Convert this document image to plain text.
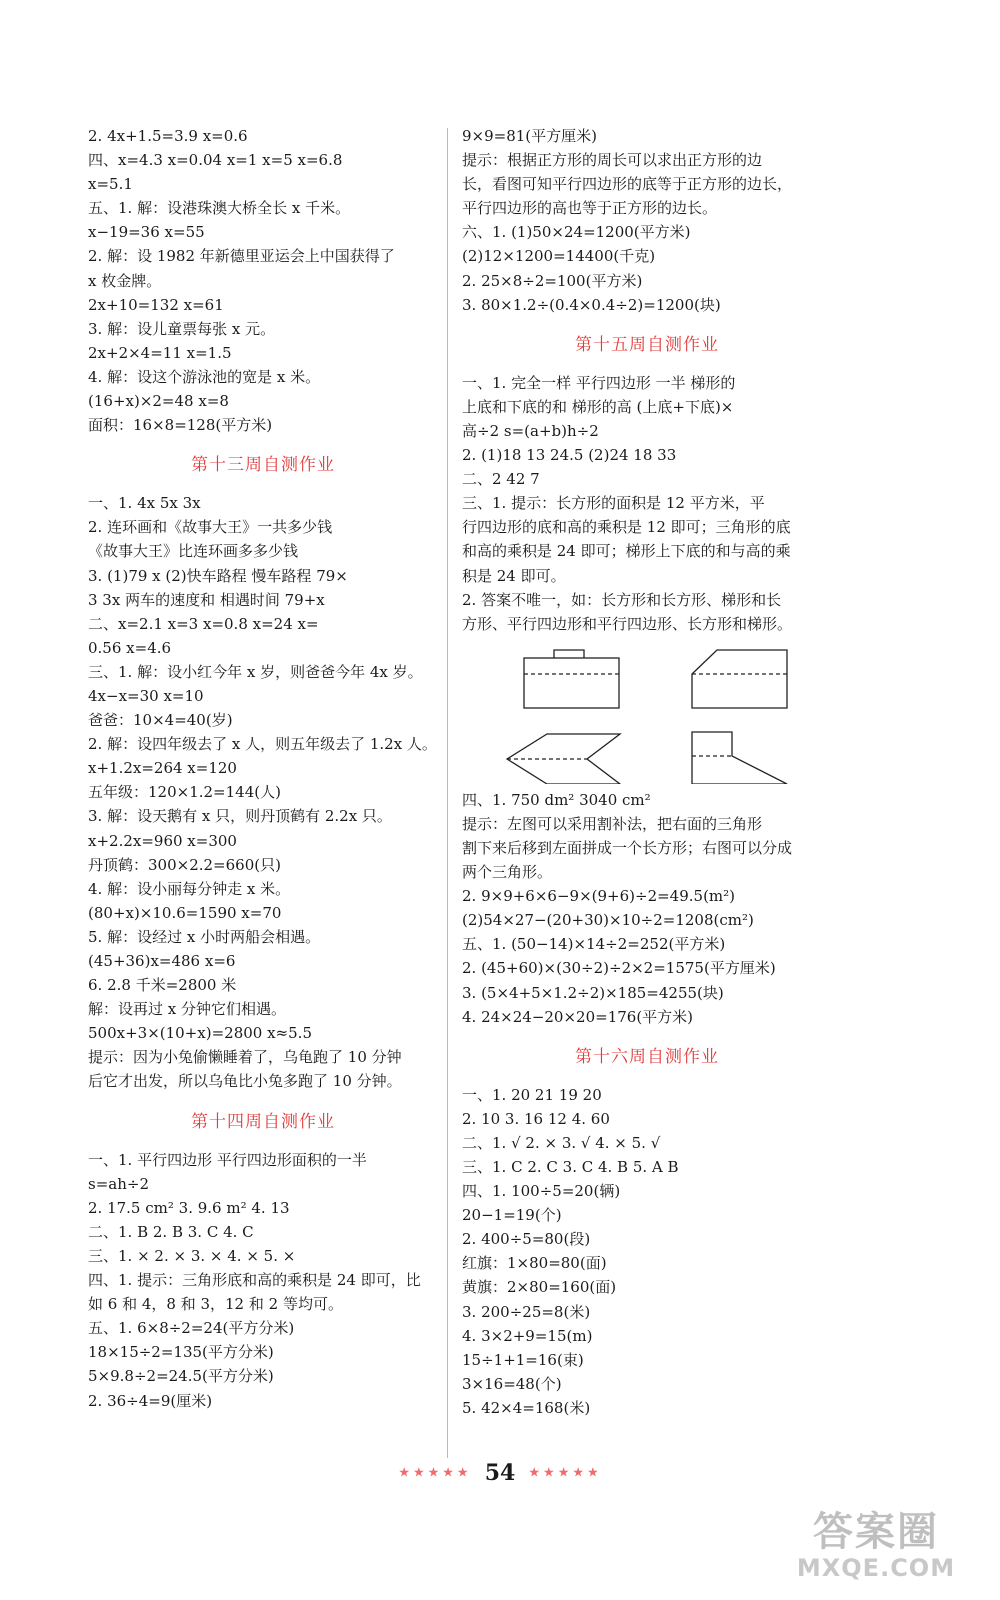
2. 4x+1.5=3.9 x=0.6
四、x=4.3 x=0.04 x=1 x=5 x=6.8
x=5.1
五、1. 解：设港珠澳大桥全长 x 千米。
x−19=36 x=55
2. 解：设 1982 年新德里亚运会上中国获得了
x 枚金牌。
2x+10=132 x=61
3. 解：设儿童票每张 x 元。
2x+2×4=11 x=1.5
4. 解：设这个游泳池的宽是 x 米。
(16+x)×2=48 x=8
面积：16×8=128(平方米)
第十三周自测作业
一、1. 4x 5x 3x
2. 连环画和《故事大王》一共多少钱
《故事大王》比连环画多多少钱
3. (1)79 x (2)快车路程 慢车路程 79×
3 3x 两车的速度和 相遇时间 79+x
二、x=2.1 x=3 x=0.8 x=24 x=
0.56 x=4.6
三、1. 解：设小红今年 x 岁，则爸爸今年 4x 岁。
4x−x=30 x=10
爸爸：10×4=40(岁)
2. 解：设四年级去了 x 人，则五年级去了 1.2x 人。
x+1.2x=264 x=120
五年级：120×1.2=144(人)
3. 解：设天鹅有 x 只，则丹顶鹤有 2.2x 只。
x+2.2x=960 x=300
丹顶鹤：300×2.2=660(只)
4. 解：设小丽每分钟走 x 米。
(80+x)×10.6=1590 x=70
5. 解：设经过 x 小时两船会相遇。
(45+36)x=486 x=6
6. 2.8 千米=2800 米
解：设再过 x 分钟它们相遇。
500x+3×(10+x)=2800 x≈5.5
提示：因为小兔偷懒睡着了，乌龟跑了 10 分钟
后它才出发，所以乌龟比小兔多跑了 10 分钟。
第十四周自测作业
一、1. 平行四边形 平行四边形面积的一半
s=ah÷2
2. 17.5 cm² 3. 9.6 m² 4. 13
二、1. B 2. B 3. C 4. C
三、1. × 2. × 3. × 4. × 5. ×
四、1. 提示：三角形底和高的乘积是 24 即可，比
如 6 和 4，8 和 3，12 和 2 等均可。
五、1. 6×8÷2=24(平方分米)
18×15÷2=135(平方分米)
5×9.8÷2=24.5(平方分米)
2. 36÷4=9(厘米)
9×9=81(平方厘米)
提示：根据正方形的周长可以求出正方形的边
长，看图可知平行四边形的底等于正方形的边长，
平行四边形的高也等于正方形的边长。
六、1. (1)50×24=1200(平方米)
(2)12×1200=14400(千克)
2. 25×8÷2=100(平方米)
3. 80×1.2÷(0.4×0.4÷2)=1200(块)
第十五周自测作业
一、1. 完全一样 平行四边形 一半 梯形的
上底和下底的和 梯形的高 (上底+下底)×
高÷2 s=(a+b)h÷2
2. (1)18 13 24.5 (2)24 18 33
二、2 42 7
三、1. 提示：长方形的面积是 12 平方米，平
行四边形的底和高的乘积是 12 即可；三角形的底
和高的乘积是 24 即可；梯形上下底的和与高的乘
积是 24 即可。
2. 答案不唯一，如：长方形和长方形、梯形和长
方形、平行四边形和平行四边形、长方形和梯形。
四、1. 750 dm² 3040 cm²
提示：左图可以采用割补法，把右面的三角形
割下来后移到左面拼成一个长方形；右图可以分成
两个三角形。
2. 9×9+6×6−9×(9+6)÷2=49.5(m²)
(2)54×27−(20+30)×10÷2=1208(cm²)
五、1. (50−14)×14÷2=252(平方米)
2. (45+60)×(30÷2)÷2×2=1575(平方厘米)
3. (5×4+5×1.2÷2)×185=4255(块)
4. 24×24−20×20=176(平方米)
第十六周自测作业
一、1. 20 21 19 20
2. 10 3. 16 12 4. 60
二、1. √ 2. × 3. √ 4. × 5. √
三、1. C 2. C 3. C 4. B 5. A B
四、1. 100÷5=20(辆)
20−1=19(个)
2. 400÷5=80(段)
红旗：1×80=80(面)
黄旗：2×80=160(面)
3. 200÷25=8(米)
4. 3×2+9=15(m)
15÷1+1=16(束)
3×16=48(个)
5. 42×4=168(米)
★★★★★ 54 ★★★★★
答案圈
MXQE.COM
